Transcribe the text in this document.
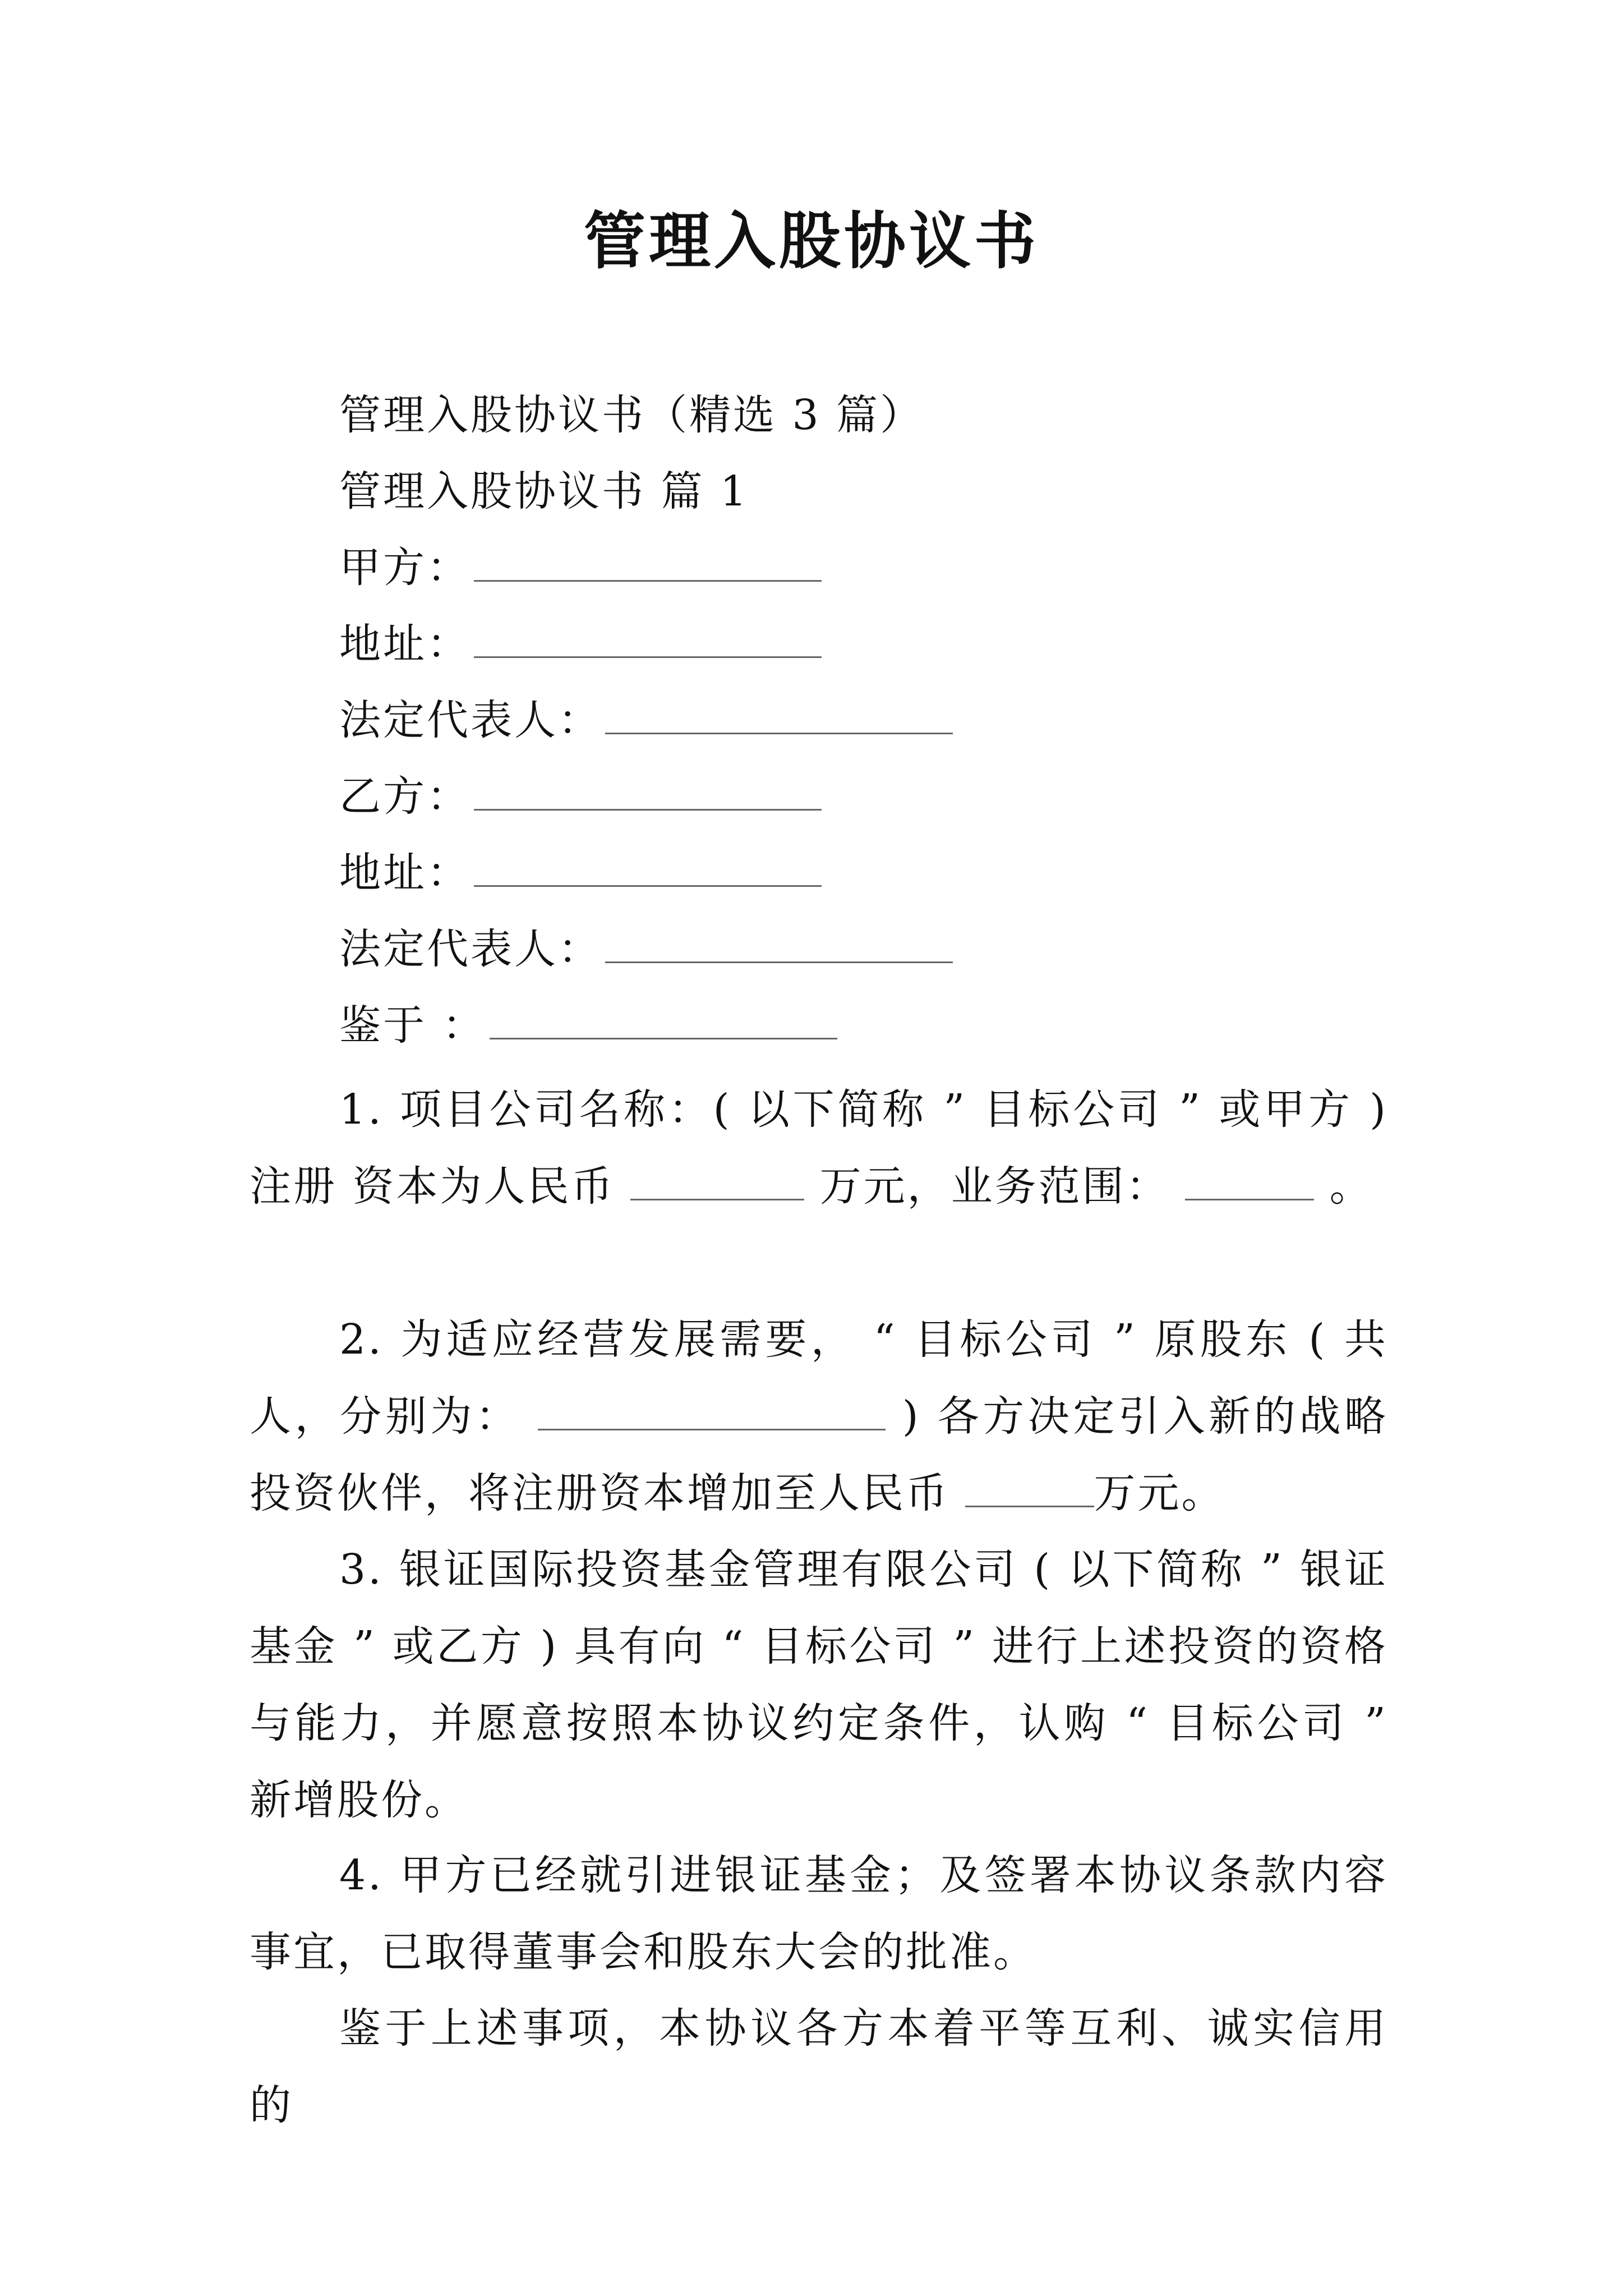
管理入股协议书
管理入股协议书（精选 3 篇）
管理入股协议书 篇 1
甲方：
地址：
法定代表人：
乙方：
地址：
法定代表人：
鉴于 ：

1. 项目公司名称：( 以下简称 ” 目标公司 ” 或甲方 ) 注册 资本为人民币	万元，业务范围：	。

2. 为适应经营发展需要， “ 目标公司 ” 原股东 ( 共人，分别为：	) 各方决定引入新的战略投资伙伴，将注册资本增加至人民币	万元。

3. 银证国际投资基金管理有限公司 ( 以下简称 ” 银证基金 ” 或乙方 ) 具有向 “ 目标公司 ” 进行上述投资的资格与能力，并愿意按照本协议约定条件，认购 “ 目标公司 ” 新增股份。

4. 甲方已经就引进银证基金；及签署本协议条款内容事宜，已取得董事会和股东大会的批准。

鉴于上述事项，本协议各方本着平等互利、诚实信用的
